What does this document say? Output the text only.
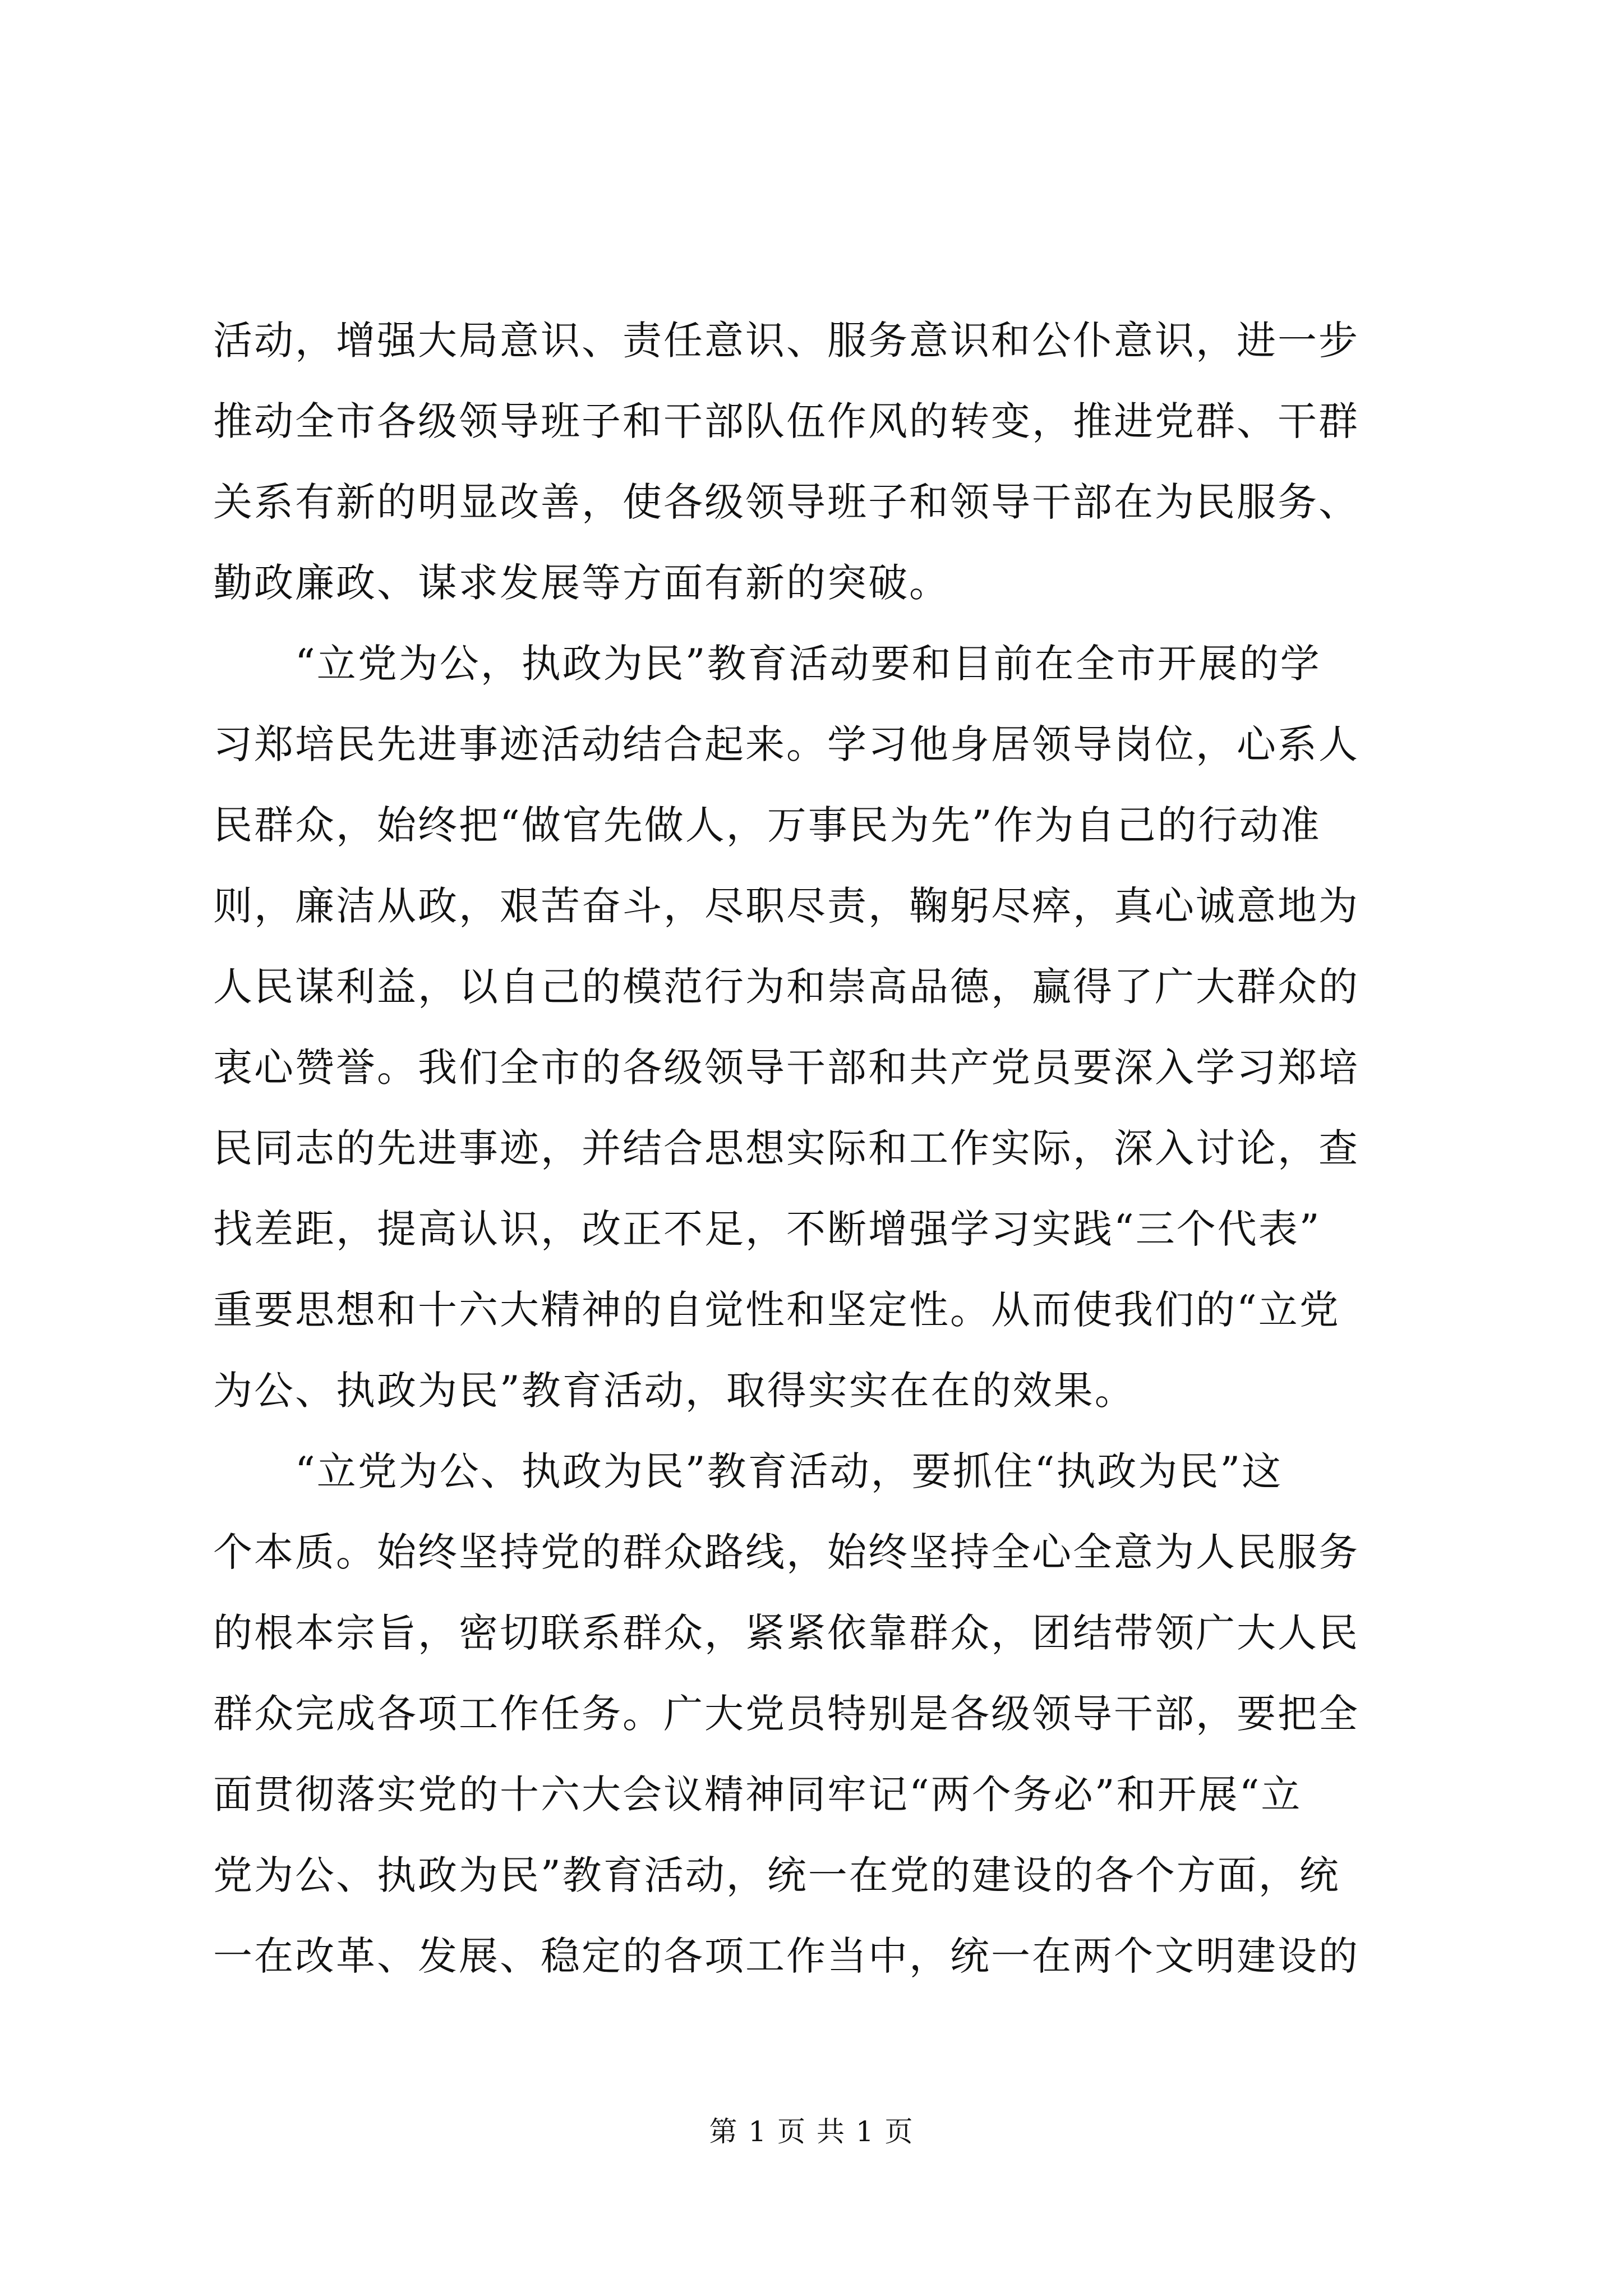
活动，增强大局意识、责任意识、服务意识和公仆意识，进一步
推动全市各级领导班子和干部队伍作风的转变，推进党群、干群
关系有新的明显改善，使各级领导班子和领导干部在为民服务、
勤政廉政、谋求发展等方面有新的突破。
　　“立党为公，执政为民”教育活动要和目前在全市开展的学
习郑培民先进事迹活动结合起来。学习他身居领导岗位，心系人
民群众，始终把“做官先做人，万事民为先”作为自己的行动准
则，廉洁从政，艰苦奋斗，尽职尽责，鞠躬尽瘁，真心诚意地为
人民谋利益，以自己的模范行为和崇高品德，赢得了广大群众的
衷心赞誉。我们全市的各级领导干部和共产党员要深入学习郑培
民同志的先进事迹，并结合思想实际和工作实际，深入讨论，查
找差距，提高认识，改正不足，不断增强学习实践“三个代表”
重要思想和十六大精神的自觉性和坚定性。从而使我们的“立党
为公、执政为民”教育活动，取得实实在在的效果。
　　“立党为公、执政为民”教育活动，要抓住“执政为民”这
个本质。始终坚持党的群众路线，始终坚持全心全意为人民服务
的根本宗旨，密切联系群众，紧紧依靠群众，团结带领广大人民
群众完成各项工作任务。广大党员特别是各级领导干部，要把全
面贯彻落实党的十六大会议精神同牢记“两个务必”和开展“立
党为公、执政为民”教育活动，统一在党的建设的各个方面，统
一在改革、发展、稳定的各项工作当中，统一在两个文明建设的
第 1 页 共 1 页
